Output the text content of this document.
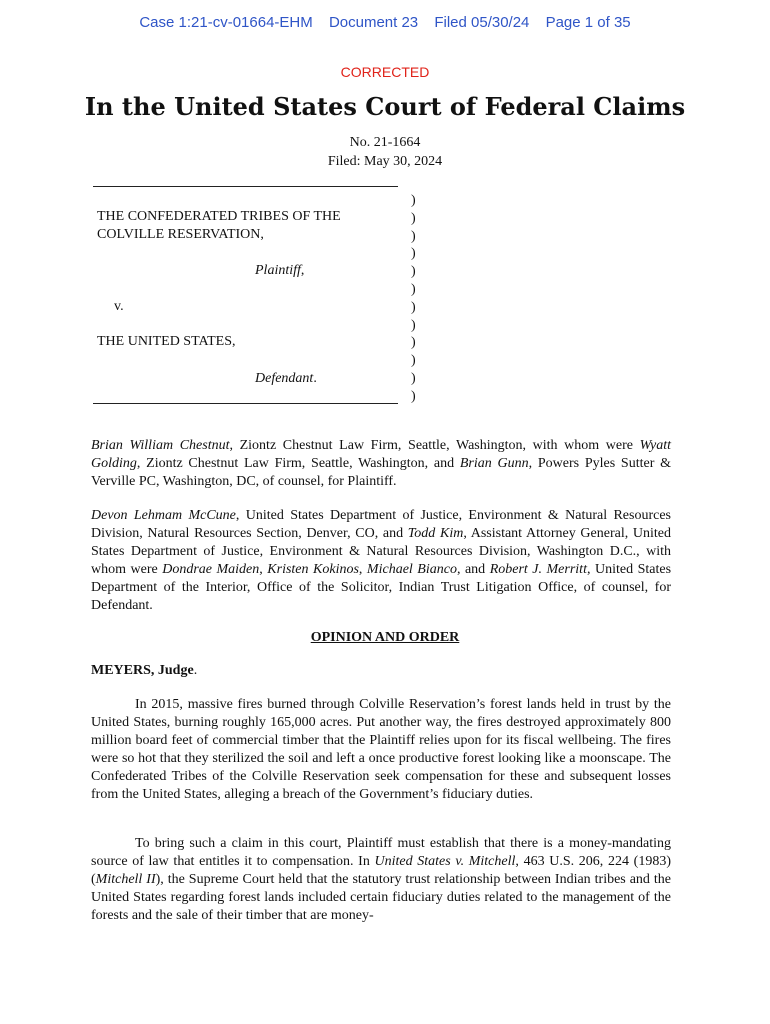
Case 1:21-cv-01664-EHM Document 23 Filed 05/30/24 Page 1 of 35
CORRECTED
In the United States Court of Federal Claims
No. 21-1664
Filed: May 30, 2024
THE CONFEDERATED TRIBES OF THE
COLVILLE RESERVATION,
Plaintiff,
v.
THE UNITED STATES,
Defendant.
)
)
)
)
)
)
)
)
)
)
)
)
Brian William Chestnut, Ziontz Chestnut Law Firm, Seattle, Washington, with whom were Wyatt Golding, Ziontz Chestnut Law Firm, Seattle, Washington, and Brian Gunn, Powers Pyles Sutter & Verville PC, Washington, DC, of counsel, for Plaintiff.
Devon Lehmam McCune, United States Department of Justice, Environment & Natural Resources Division, Natural Resources Section, Denver, CO, and Todd Kim, Assistant Attorney General, United States Department of Justice, Environment & Natural Resources Division, Washington D.C., with whom were Dondrae Maiden, Kristen Kokinos, Michael Bianco, and Robert J. Merritt, United States Department of the Interior, Office of the Solicitor, Indian Trust Litigation Office, of counsel, for Defendant.
OPINION AND ORDER
MEYERS, Judge.
In 2015, massive fires burned through Colville Reservation’s forest lands held in trust by the United States, burning roughly 165,000 acres. Put another way, the fires destroyed approximately 800 million board feet of commercial timber that the Plaintiff relies upon for its fiscal wellbeing. The fires were so hot that they sterilized the soil and left a once productive forest looking like a moonscape. The Confederated Tribes of the Colville Reservation seek compensation for these and subsequent losses from the United States, alleging a breach of the Government’s fiduciary duties.
To bring such a claim in this court, Plaintiff must establish that there is a money-mandating source of law that entitles it to compensation. In United States v. Mitchell, 463 U.S. 206, 224 (1983) (Mitchell II), the Supreme Court held that the statutory trust relationship between Indian tribes and the United States regarding forest lands included certain fiduciary duties related to the management of the forests and the sale of their timber that are money-
